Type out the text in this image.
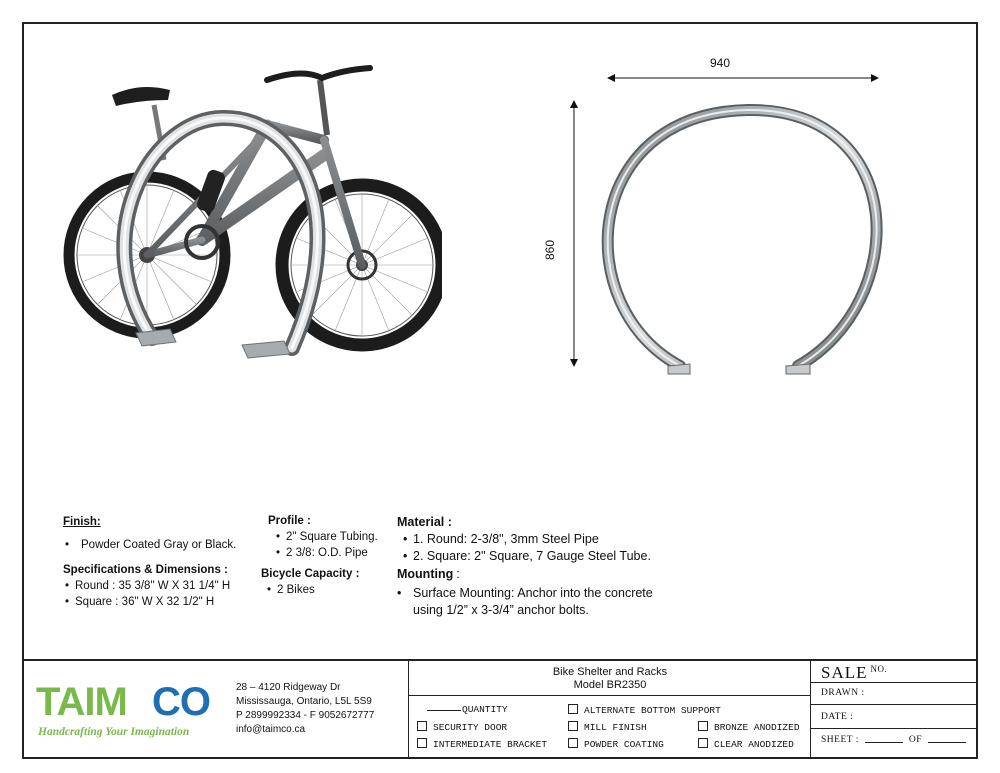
940
860
Finish:
• Powder Coated Gray or Black.
Specifications & Dimensions :
• Round : 35 3/8" W X 31 1/4" H
• Square : 36" W X 32 1/2" H
Profile :
• 2" Square Tubing.
• 2 3/8: O.D. Pipe
Bicycle Capacity :
• 2 Bikes
Material :
• 1. Round: 2-3/8", 3mm Steel Pipe
• 2. Square: 2" Square, 7 Gauge Steel Tube.
Mounting :
• Surface Mounting: Anchor into the concrete
using 1/2” x 3-3/4” anchor bolts.
TAIM CO
Handcrafting Your Imagination
28 – 4120 Ridgeway Dr
Mississauga, Ontario, L5L 5S9
P 2899992334 - F 9052672777
info@taimco.ca
Bike Shelter and Racks
Model BR2350
QUANTITY
SECURITY DOOR
INTERMEDIATE BRACKET
ALTERNATE BOTTOM SUPPORT
MILL FINISH
POWDER COATING
BRONZE ANODIZED
CLEAR ANODIZED
SALE NO.
DRAWN :
DATE :
SHEET :	OF
